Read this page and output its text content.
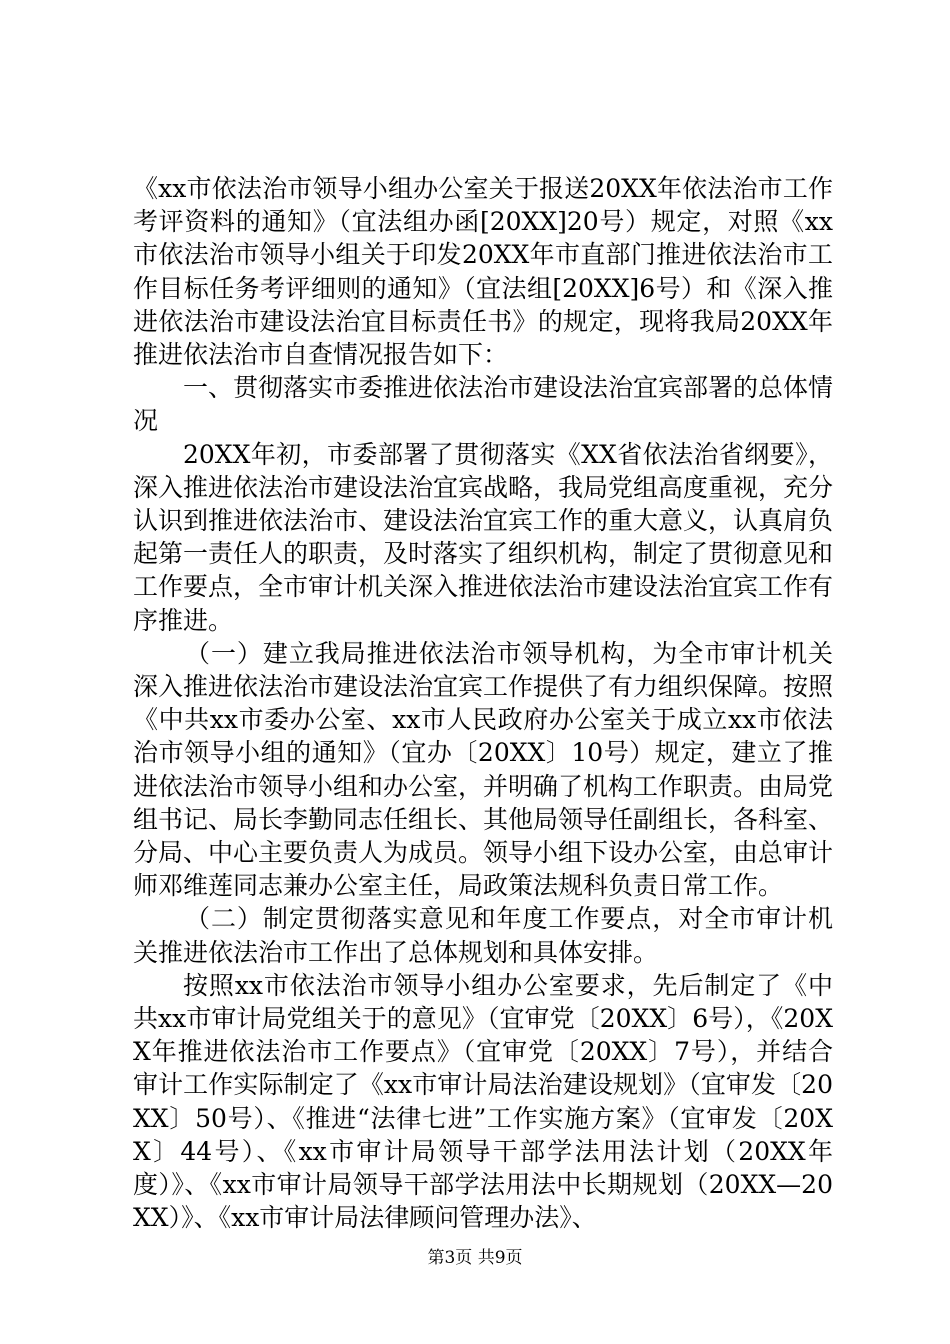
《xx市依法治市领导小组办公室关于报送20XX年依法治市工作考评资料的通知》（宜法组办函[20XX]20号）规定，对照《xx市依法治市领导小组关于印发20XX年市直部门推进依法治市工作目标任务考评细则的通知》（宜法组[20XX]6号）和《深入推进依法治市建设法治宜目标责任书》的规定，现将我局20XX年推进依法治市自查情况报告如下：

一、贯彻落实市委推进依法治市建设法治宜宾部署的总体情况

20XX年初，市委部署了贯彻落实《XX省依法治省纲要》，深入推进依法治市建设法治宜宾战略，我局党组高度重视，充分认识到推进依法治市、建设法治宜宾工作的重大意义，认真肩负起第一责任人的职责，及时落实了组织机构，制定了贯彻意见和工作要点，全市审计机关深入推进依法治市建设法治宜宾工作有序推进。

（一）建立我局推进依法治市领导机构，为全市审计机关深入推进依法治市建设法治宜宾工作提供了有力组织保障。按照《中共xx市委办公室、xx市人民政府办公室关于成立xx市依法治市领导小组的通知》（宜办〔20XX〕10号）规定，建立了推进依法治市领导小组和办公室，并明确了机构工作职责。由局党组书记、局长李勤同志任组长、其他局领导任副组长，各科室、分局、中心主要负责人为成员。领导小组下设办公室，由总审计师邓维莲同志兼办公室主任，局政策法规科负责日常工作。

（二）制定贯彻落实意见和年度工作要点，对全市审计机关推进依法治市工作出了总体规划和具体安排。

按照xx市依法治市领导小组办公室要求，先后制定了《中共xx市审计局党组关于的意见》（宜审党〔20XX〕6号），《20XX年推进依法治市工作要点》（宜审党〔20XX〕7号），并结合审计工作实际制定了《xx市审计局法治建设规划》（宜审发〔20XX〕50号）、《推进“法律七进”工作实施方案》（宜审发〔20XX〕44号）、《xx市审计局领导干部学法用法计划（20XX年度）》、《xx市审计局领导干部学法用法中长期规划（20XX—20XX）》、《xx市审计局法律顾问管理办法》、

第3页 共9页
